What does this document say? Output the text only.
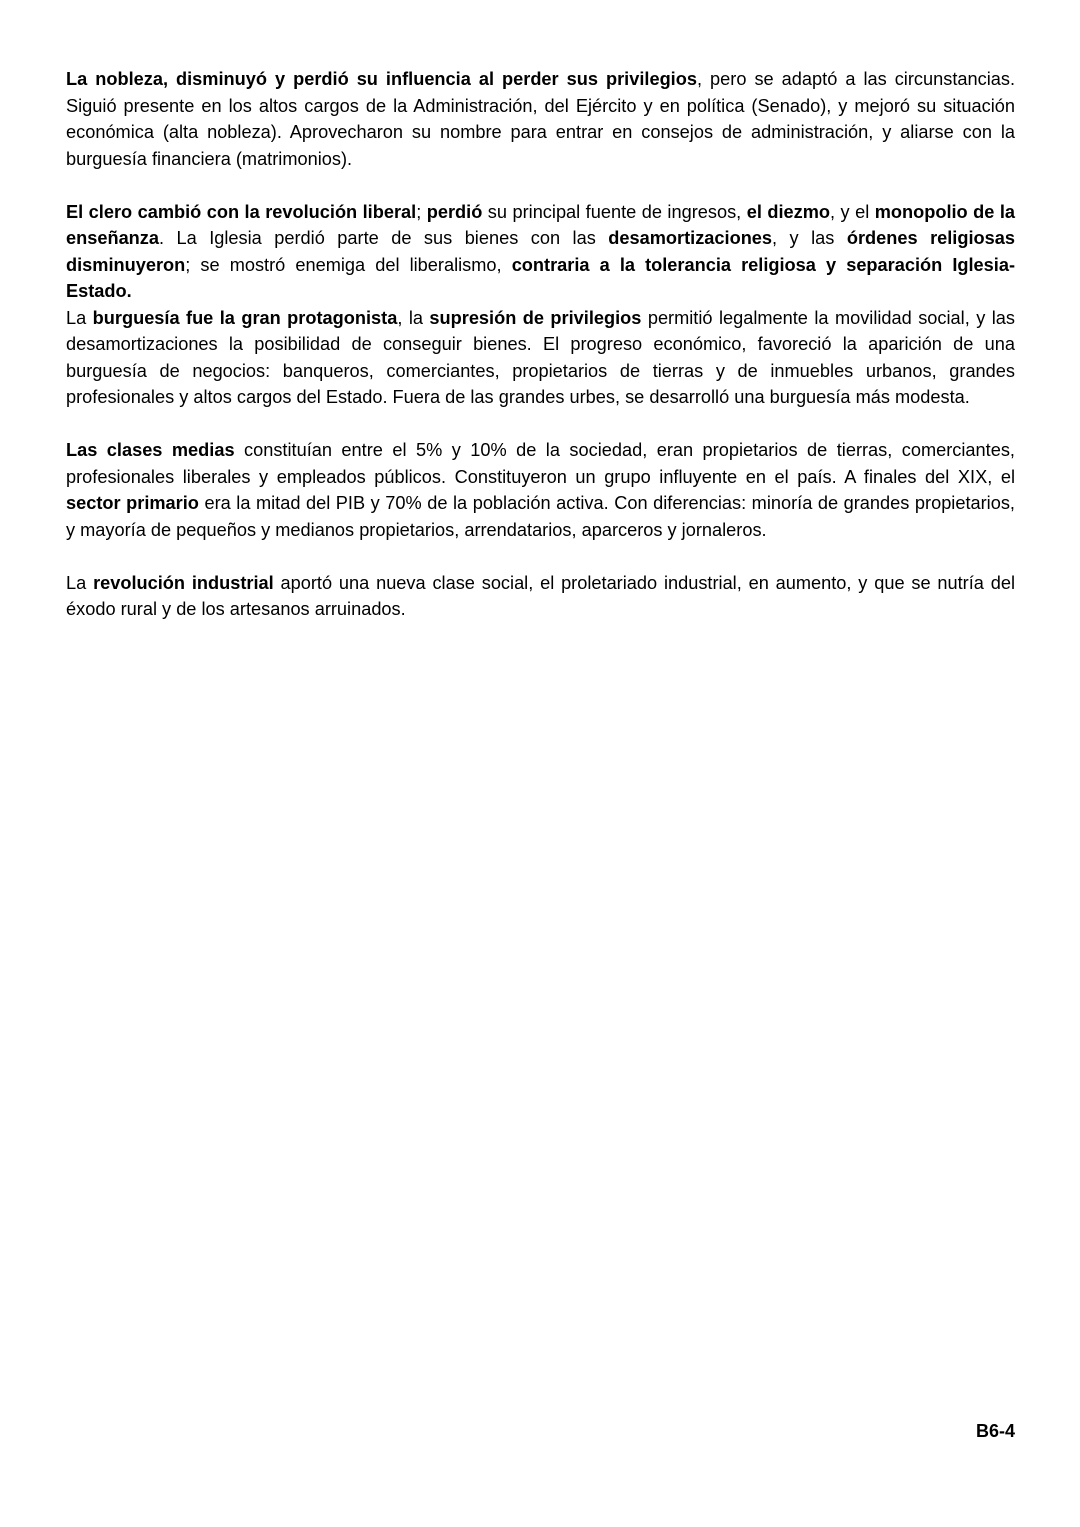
La nobleza, disminuyó y perdió su influencia al perder sus privilegios, pero se adaptó a las circunstancias. Siguió presente en los altos cargos de la Administración, del Ejército y en política (Senado), y mejoró su situación económica (alta nobleza). Aprovecharon su nombre para entrar en consejos de administración, y aliarse con la burguesía financiera (matrimonios).

El clero cambió con la revolución liberal; perdió su principal fuente de ingresos, el diezmo, y el monopolio de la enseñanza. La Iglesia perdió parte de sus bienes con las desamortizaciones, y las órdenes religiosas disminuyeron; se mostró enemiga del liberalismo, contraria a la tolerancia religiosa y separación Iglesia-Estado.

La burguesía fue la gran protagonista, la supresión de privilegios permitió legalmente la movilidad social, y las desamortizaciones la posibilidad de conseguir bienes. El progreso económico, favoreció la aparición de una burguesía de negocios: banqueros, comerciantes, propietarios de tierras y de inmuebles urbanos, grandes profesionales y altos cargos del Estado. Fuera de las grandes urbes, se desarrolló una burguesía más modesta.

Las clases medias constituían entre el 5% y 10% de la sociedad, eran propietarios de tierras, comerciantes, profesionales liberales y empleados públicos. Constituyeron un grupo influyente en el país. A finales del XIX, el sector primario era la mitad del PIB y 70% de la población activa. Con diferencias: minoría de grandes propietarios, y mayoría de pequeños y medianos propietarios, arrendatarios, aparceros y jornaleros.

La revolución industrial aportó una nueva clase social, el proletariado industrial, en aumento, y que se nutría del éxodo rural y de los artesanos arruinados.

B6-4
